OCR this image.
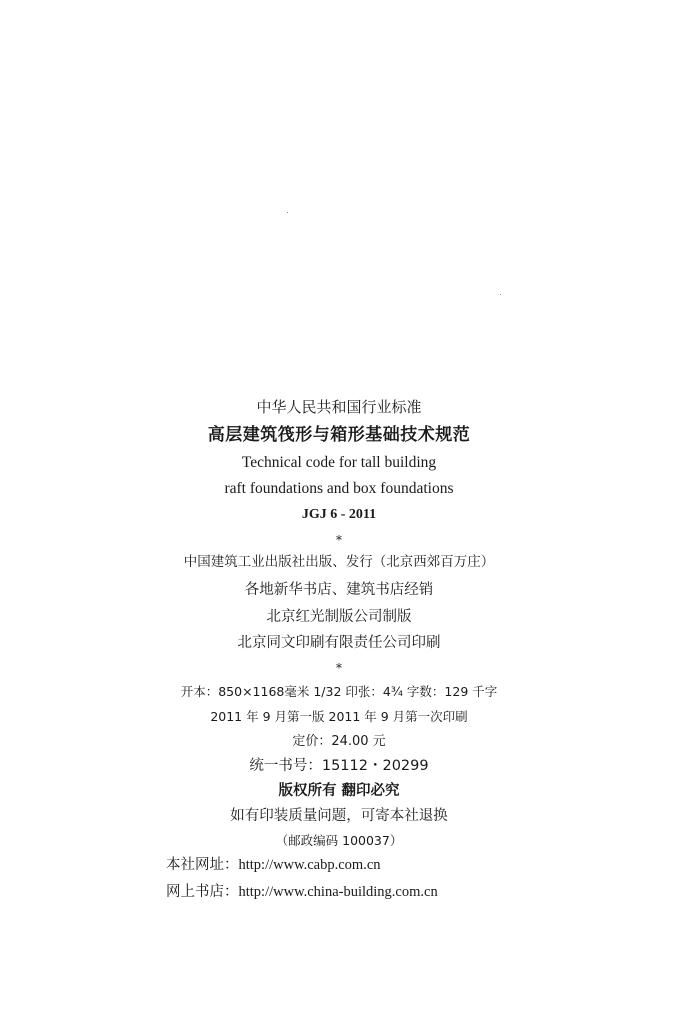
中华人民共和国行业标准
高层建筑筏形与箱形基础技术规范
Technical code for tall building
raft foundations and box foundations
JGJ 6 - 2011
*
中国建筑工业出版社出版、发行（北京西郊百万庄）
各地新华书店、建筑书店经销
北京红光制版公司制版
北京同文印刷有限责任公司印刷
*
开本：850×1168毫米 1/32 印张：4¾ 字数：129 千字
2011 年 9 月第一版 2011 年 9 月第一次印刷
定价：24.00 元
统一书号：15112・20299
版权所有 翻印必究
如有印装质量问题，可寄本社退换
（邮政编码 100037）
本社网址：http://www.cabp.com.cn
网上书店：http://www.china-building.com.cn
